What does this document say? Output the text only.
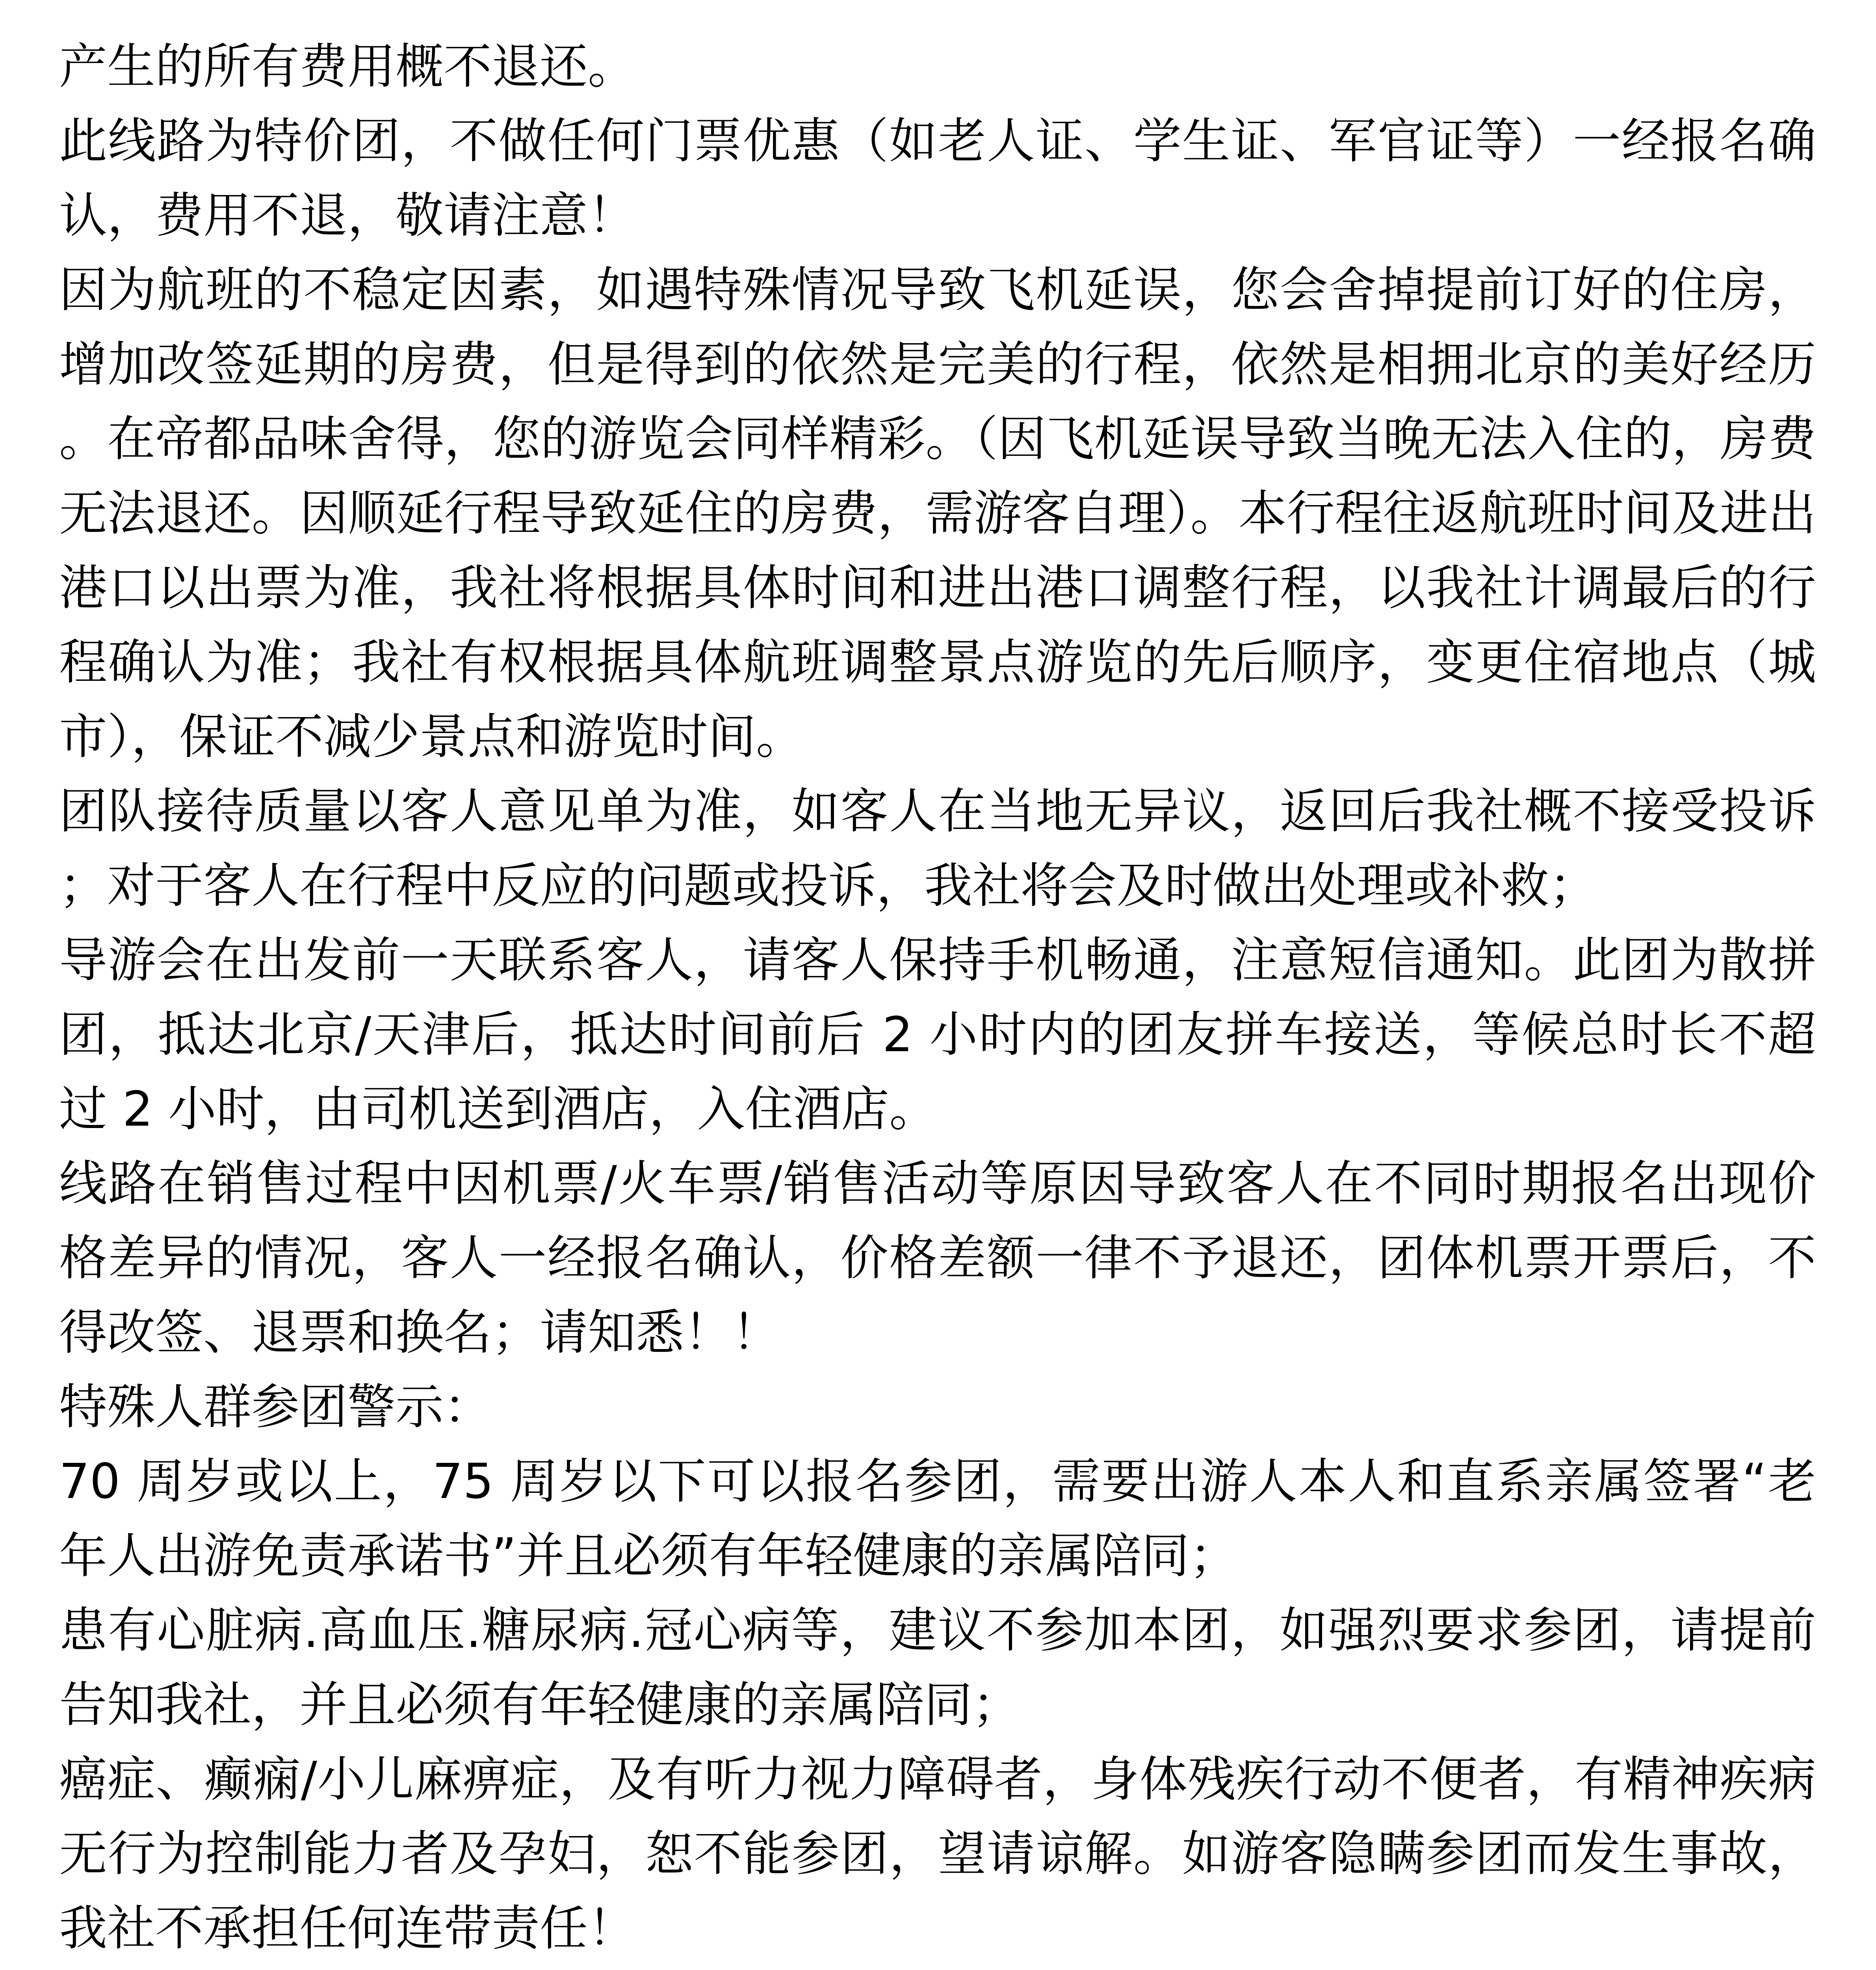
产生的所有费用概不退还。

此线路为特价团，不做任何门票优惠（如老人证、学生证、军官证等）一经报名确认，费用不退，敬请注意！

因为航班的不稳定因素，如遇特殊情况导致飞机延误，您会舍掉提前订好的住房，增加改签延期的房费，但是得到的依然是完美的行程，依然是相拥北京的美好经历。在帝都品味舍得，您的游览会同样精彩。（因飞机延误导致当晚无法入住的，房费无法退还。因顺延行程导致延住的房费，需游客自理）。本行程往返航班时间及进出港口以出票为准，我社将根据具体时间和进出港口调整行程，以我社计调最后的行程确认为准；我社有权根据具体航班调整景点游览的先后顺序，变更住宿地点（城市），保证不减少景点和游览时间。

团队接待质量以客人意见单为准，如客人在当地无异议，返回后我社概不接受投诉；对于客人在行程中反应的问题或投诉，我社将会及时做出处理或补救；

导游会在出发前一天联系客人，请客人保持手机畅通，注意短信通知。此团为散拼团，抵达北京/天津后，抵达时间前后 2 小时内的团友拼车接送，等候总时长不超过 2 小时，由司机送到酒店，入住酒店。

线路在销售过程中因机票/火车票/销售活动等原因导致客人在不同时期报名出现价格差异的情况，客人一经报名确认，价格差额一律不予退还，团体机票开票后，不得改签、退票和换名；请知悉！！

特殊人群参团警示：

70 周岁或以上，75 周岁以下可以报名参团，需要出游人本人和直系亲属签署“老年人出游免责承诺书”并且必须有年轻健康的亲属陪同；

患有心脏病.高血压.糖尿病.冠心病等，建议不参加本团，如强烈要求参团，请提前告知我社，并且必须有年轻健康的亲属陪同；

癌症、癫痫/小儿麻痹症，及有听力视力障碍者，身体残疾行动不便者，有精神疾病无行为控制能力者及孕妇，恕不能参团，望请谅解。如游客隐瞒参团而发生事故，我社不承担任何连带责任！
